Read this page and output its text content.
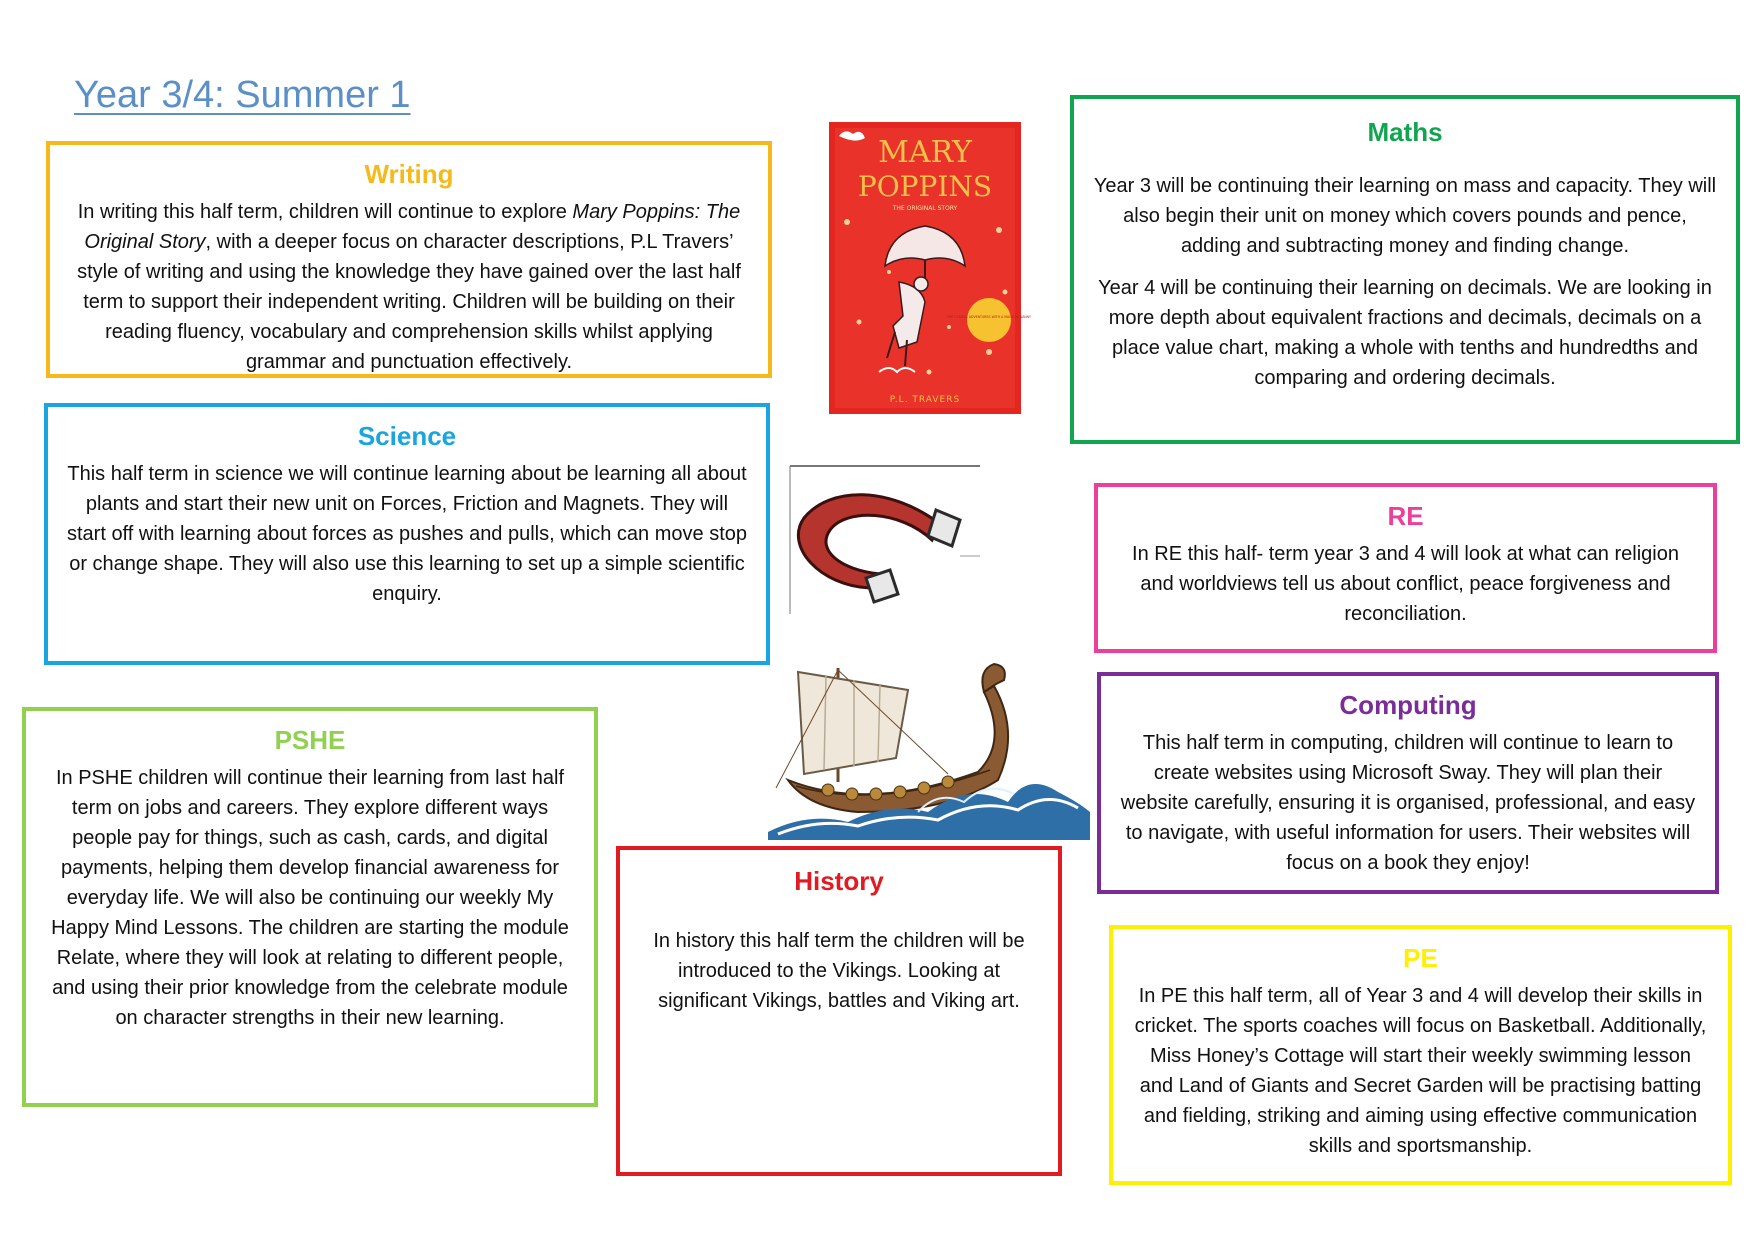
Year 3/4: Summer 1
Writing

In writing this half term, children will continue to explore Mary Poppins: The Original Story, with a deeper focus on character descriptions, P.L Travers’ style of writing and using the knowledge they have gained over the last half term to support their independent writing. Children will be building on their reading fluency, vocabulary and comprehension skills whilst applying grammar and punctuation effectively.

Science

This half term in science we will continue learning about be learning all about plants and start their new unit on Forces, Friction and Magnets. They will start off with learning about forces as pushes and pulls, which can move stop or change shape. They will also use this learning to set up a simple scientific enquiry.

PSHE

In PSHE children will continue their learning from last half term on jobs and careers. They explore different ways people pay for things, such as cash, cards, and digital payments, helping them develop financial awareness for everyday life. We will also be continuing our weekly My Happy Mind Lessons. The children are starting the module Relate, where they will look at relating to different people, and using their prior knowledge from the celebrate module on character strengths in their new learning.

History

In history this half term the children will be introduced to the Vikings. Looking at significant Vikings, battles and Viking art.

Maths

Year 3 will be continuing their learning on mass and capacity. They will also begin their unit on money which covers pounds and pence, adding and subtracting money and finding change.

Year 4 will be continuing their learning on decimals. We are looking in more depth about equivalent fractions and decimals, decimals on a place value chart, making a whole with tenths and hundredths and comparing and ordering decimals.

RE

In RE this half- term year 3 and 4 will look at what can religion and worldviews tell us about conflict, peace forgiveness and reconciliation.

Computing

This half term in computing, children will continue to learn to create websites using Microsoft Sway. They will plan their website carefully, ensuring it is organised, professional, and easy to navigate, with useful information for users. Their websites will focus on a book they enjoy!

PE

In PE this half term, all of Year 3 and 4 will develop their skills in cricket. The sports coaches will focus on Basketball. Additionally, Miss Honey’s Cottage will start their weekly swimming lesson and Land of Giants and Secret Garden will be practising batting and fielding, striking and aiming using effective communication skills and sportsmanship.

MARY
POPPINS
THE ORIGINAL STORY
THE CLASSIC ADVENTURES WITH A MAGICAL NANNY
P.L. TRAVERS
